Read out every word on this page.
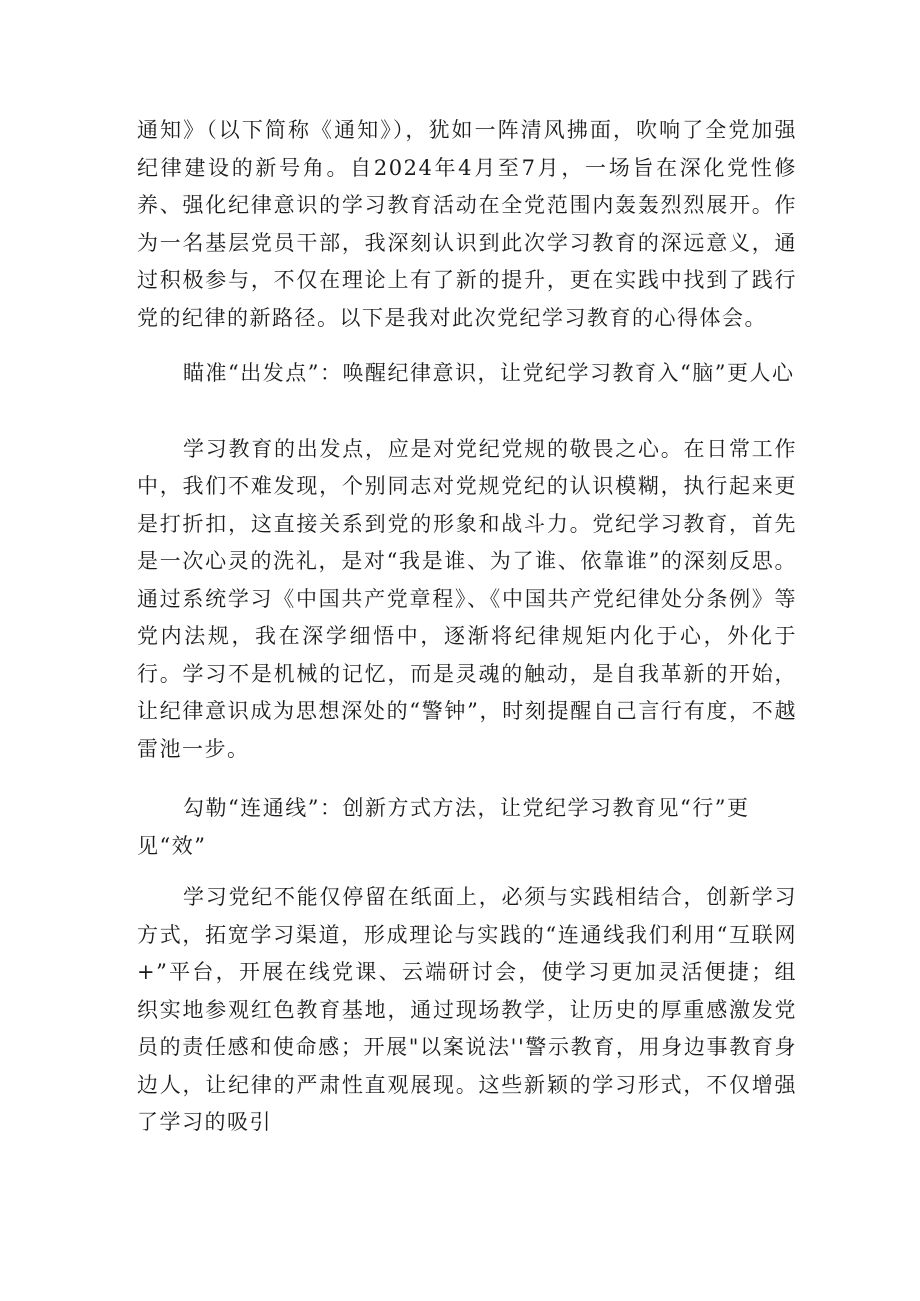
通知》（以下简称《通知》），犹如一阵清风拂面，吹响了全党加强纪律建设的新号角。自2024年4月至7月，一场旨在深化党性修养、强化纪律意识的学习教育活动在全党范围内轰轰烈烈展开。作为一名基层党员干部，我深刻认识到此次学习教育的深远意义，通过积极参与，不仅在理论上有了新的提升，更在实践中找到了践行党的纪律的新路径。以下是我对此次党纪学习教育的心得体会。

瞄准“出发点”：唤醒纪律意识，让党纪学习教育入“脑”更人心

学习教育的出发点，应是对党纪党规的敬畏之心。在日常工作中，我们不难发现，个别同志对党规党纪的认识模糊，执行起来更是打折扣，这直接关系到党的形象和战斗力。党纪学习教育，首先是一次心灵的洗礼，是对“我是谁、为了谁、依靠谁”的深刻反思。通过系统学习《中国共产党章程》、《中国共产党纪律处分条例》等党内法规，我在深学细悟中，逐渐将纪律规矩内化于心，外化于行。学习不是机械的记忆，而是灵魂的触动，是自我革新的开始，让纪律意识成为思想深处的“警钟”，时刻提醒自己言行有度，不越雷池一步。

勾勒“连通线”：创新方式方法，让党纪学习教育见“行”更见“效”

学习党纪不能仅停留在纸面上，必须与实践相结合，创新学习方式，拓宽学习渠道，形成理论与实践的“连通线我们利用“互联网+”平台，开展在线党课、云端研讨会，使学习更加灵活便捷；组织实地参观红色教育基地，通过现场教学，让历史的厚重感激发党员的责任感和使命感；开展"以案说法''警示教育，用身边事教育身边人，让纪律的严肃性直观展现。这些新颖的学习形式，不仅增强了学习的吸引
